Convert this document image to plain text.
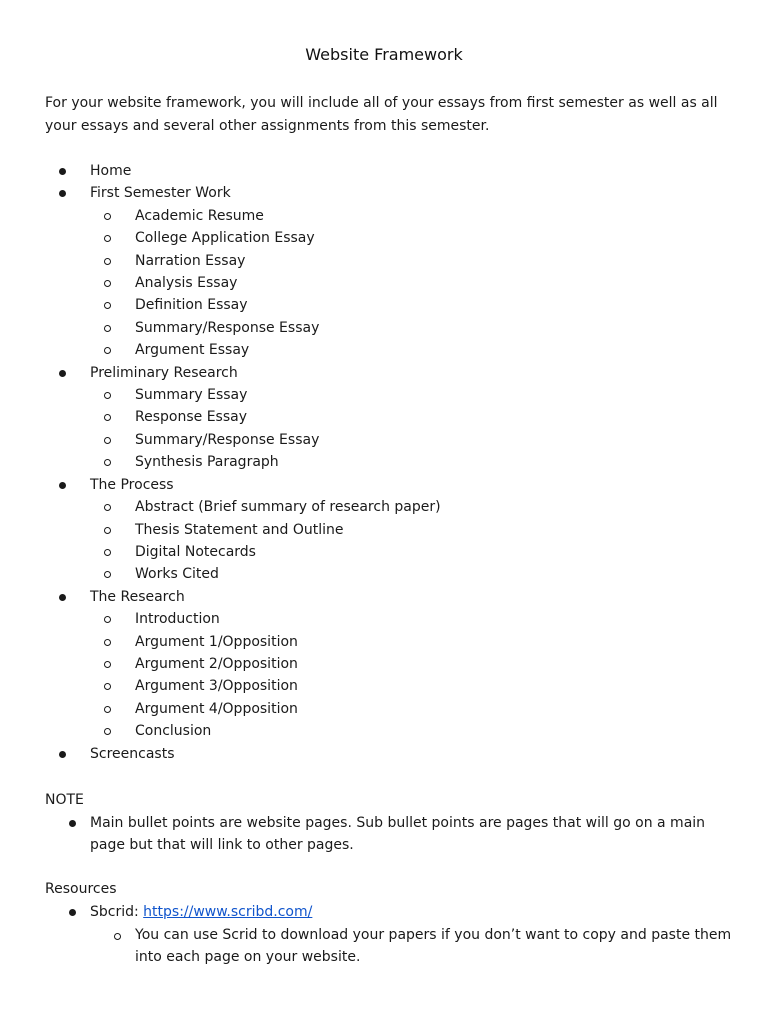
Website Framework

For your website framework, you will include all of your essays from first semester as well as all your essays and several other assignments from this semester.

Home
First Semester Work
Academic Resume
College Application Essay
Narration Essay
Analysis Essay
Definition Essay
Summary/Response Essay
Argument Essay
Preliminary Research
Summary Essay
Response Essay
Summary/Response Essay
Synthesis Paragraph
The Process
Abstract (Brief summary of research paper)
Thesis Statement and Outline
Digital Notecards
Works Cited
The Research
Introduction
Argument 1/Opposition
Argument 2/Opposition
Argument 3/Opposition
Argument 4/Opposition
Conclusion
Screencasts
NOTE
Main bullet points are website pages. Sub bullet points are pages that will go on a main page but that will link to other pages.
Resources
Sbcrid: https://www.scribd.com/
You can use Scrid to download your papers if you don’t want to copy and paste them into each page on your website.
